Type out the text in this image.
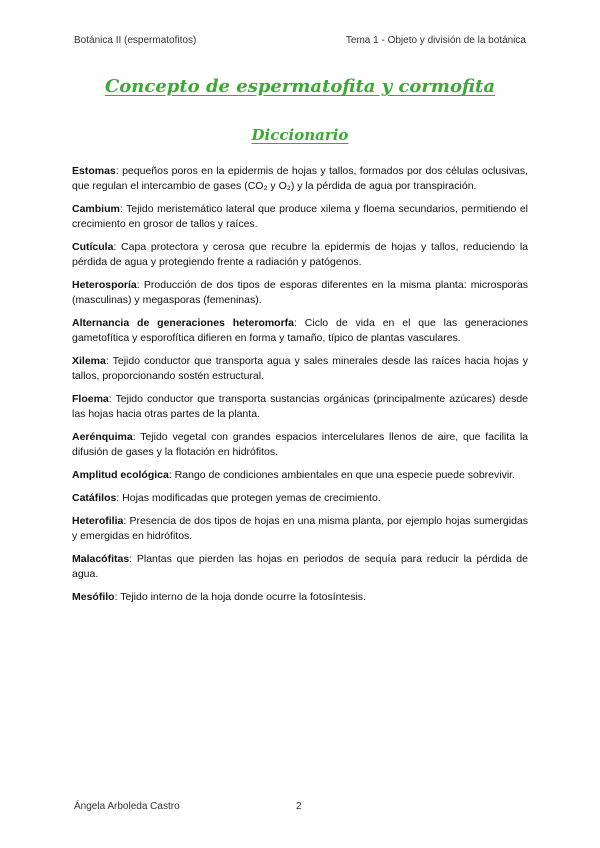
Botánica II (espermatofitos)	Tema 1 - Objeto y división de la botánica
Concepto de espermatofita y cormofita
Diccionario

Estomas: pequeños poros en la epidermis de hojas y tallos, formados por dos células oclusivas, que regulan el intercambio de gases (CO₂ y O₂) y la pérdida de agua por transpiración.

Cambium: Tejido meristemático lateral que produce xilema y floema secundarios, permitiendo el crecimiento en grosor de tallos y raíces.

Cutícula: Capa protectora y cerosa que recubre la epidermis de hojas y tallos, reduciendo la pérdida de agua y protegiendo frente a radiación y patógenos.

Heterosporía: Producción de dos tipos de esporas diferentes en la misma planta: microsporas (masculinas) y megasporas (femeninas).

Alternancia de generaciones heteromorfa: Ciclo de vida en el que las generaciones gametofítica y esporofítica difieren en forma y tamaño, típico de plantas vasculares.

Xilema: Tejido conductor que transporta agua y sales minerales desde las raíces hacia hojas y tallos, proporcionando sostén estructural.

Floema: Tejido conductor que transporta sustancias orgánicas (principalmente azúcares) desde las hojas hacia otras partes de la planta.

Aerénquima: Tejido vegetal con grandes espacios intercelulares llenos de aire, que facilita la difusión de gases y la flotación en hidrófitos.

Amplitud ecológica: Rango de condiciones ambientales en que una especie puede sobrevivir.

Catáfilos: Hojas modificadas que protegen yemas de crecimiento.

Heterofilia: Presencia de dos tipos de hojas en una misma planta, por ejemplo hojas sumergidas y emergidas en hidrófitos.

Malacófitas: Plantas que pierden las hojas en periodos de sequía para reducir la pérdida de agua.

Mesófilo: Tejido interno de la hoja donde ocurre la fotosíntesis.

Ángela Arboleda Castro	2
